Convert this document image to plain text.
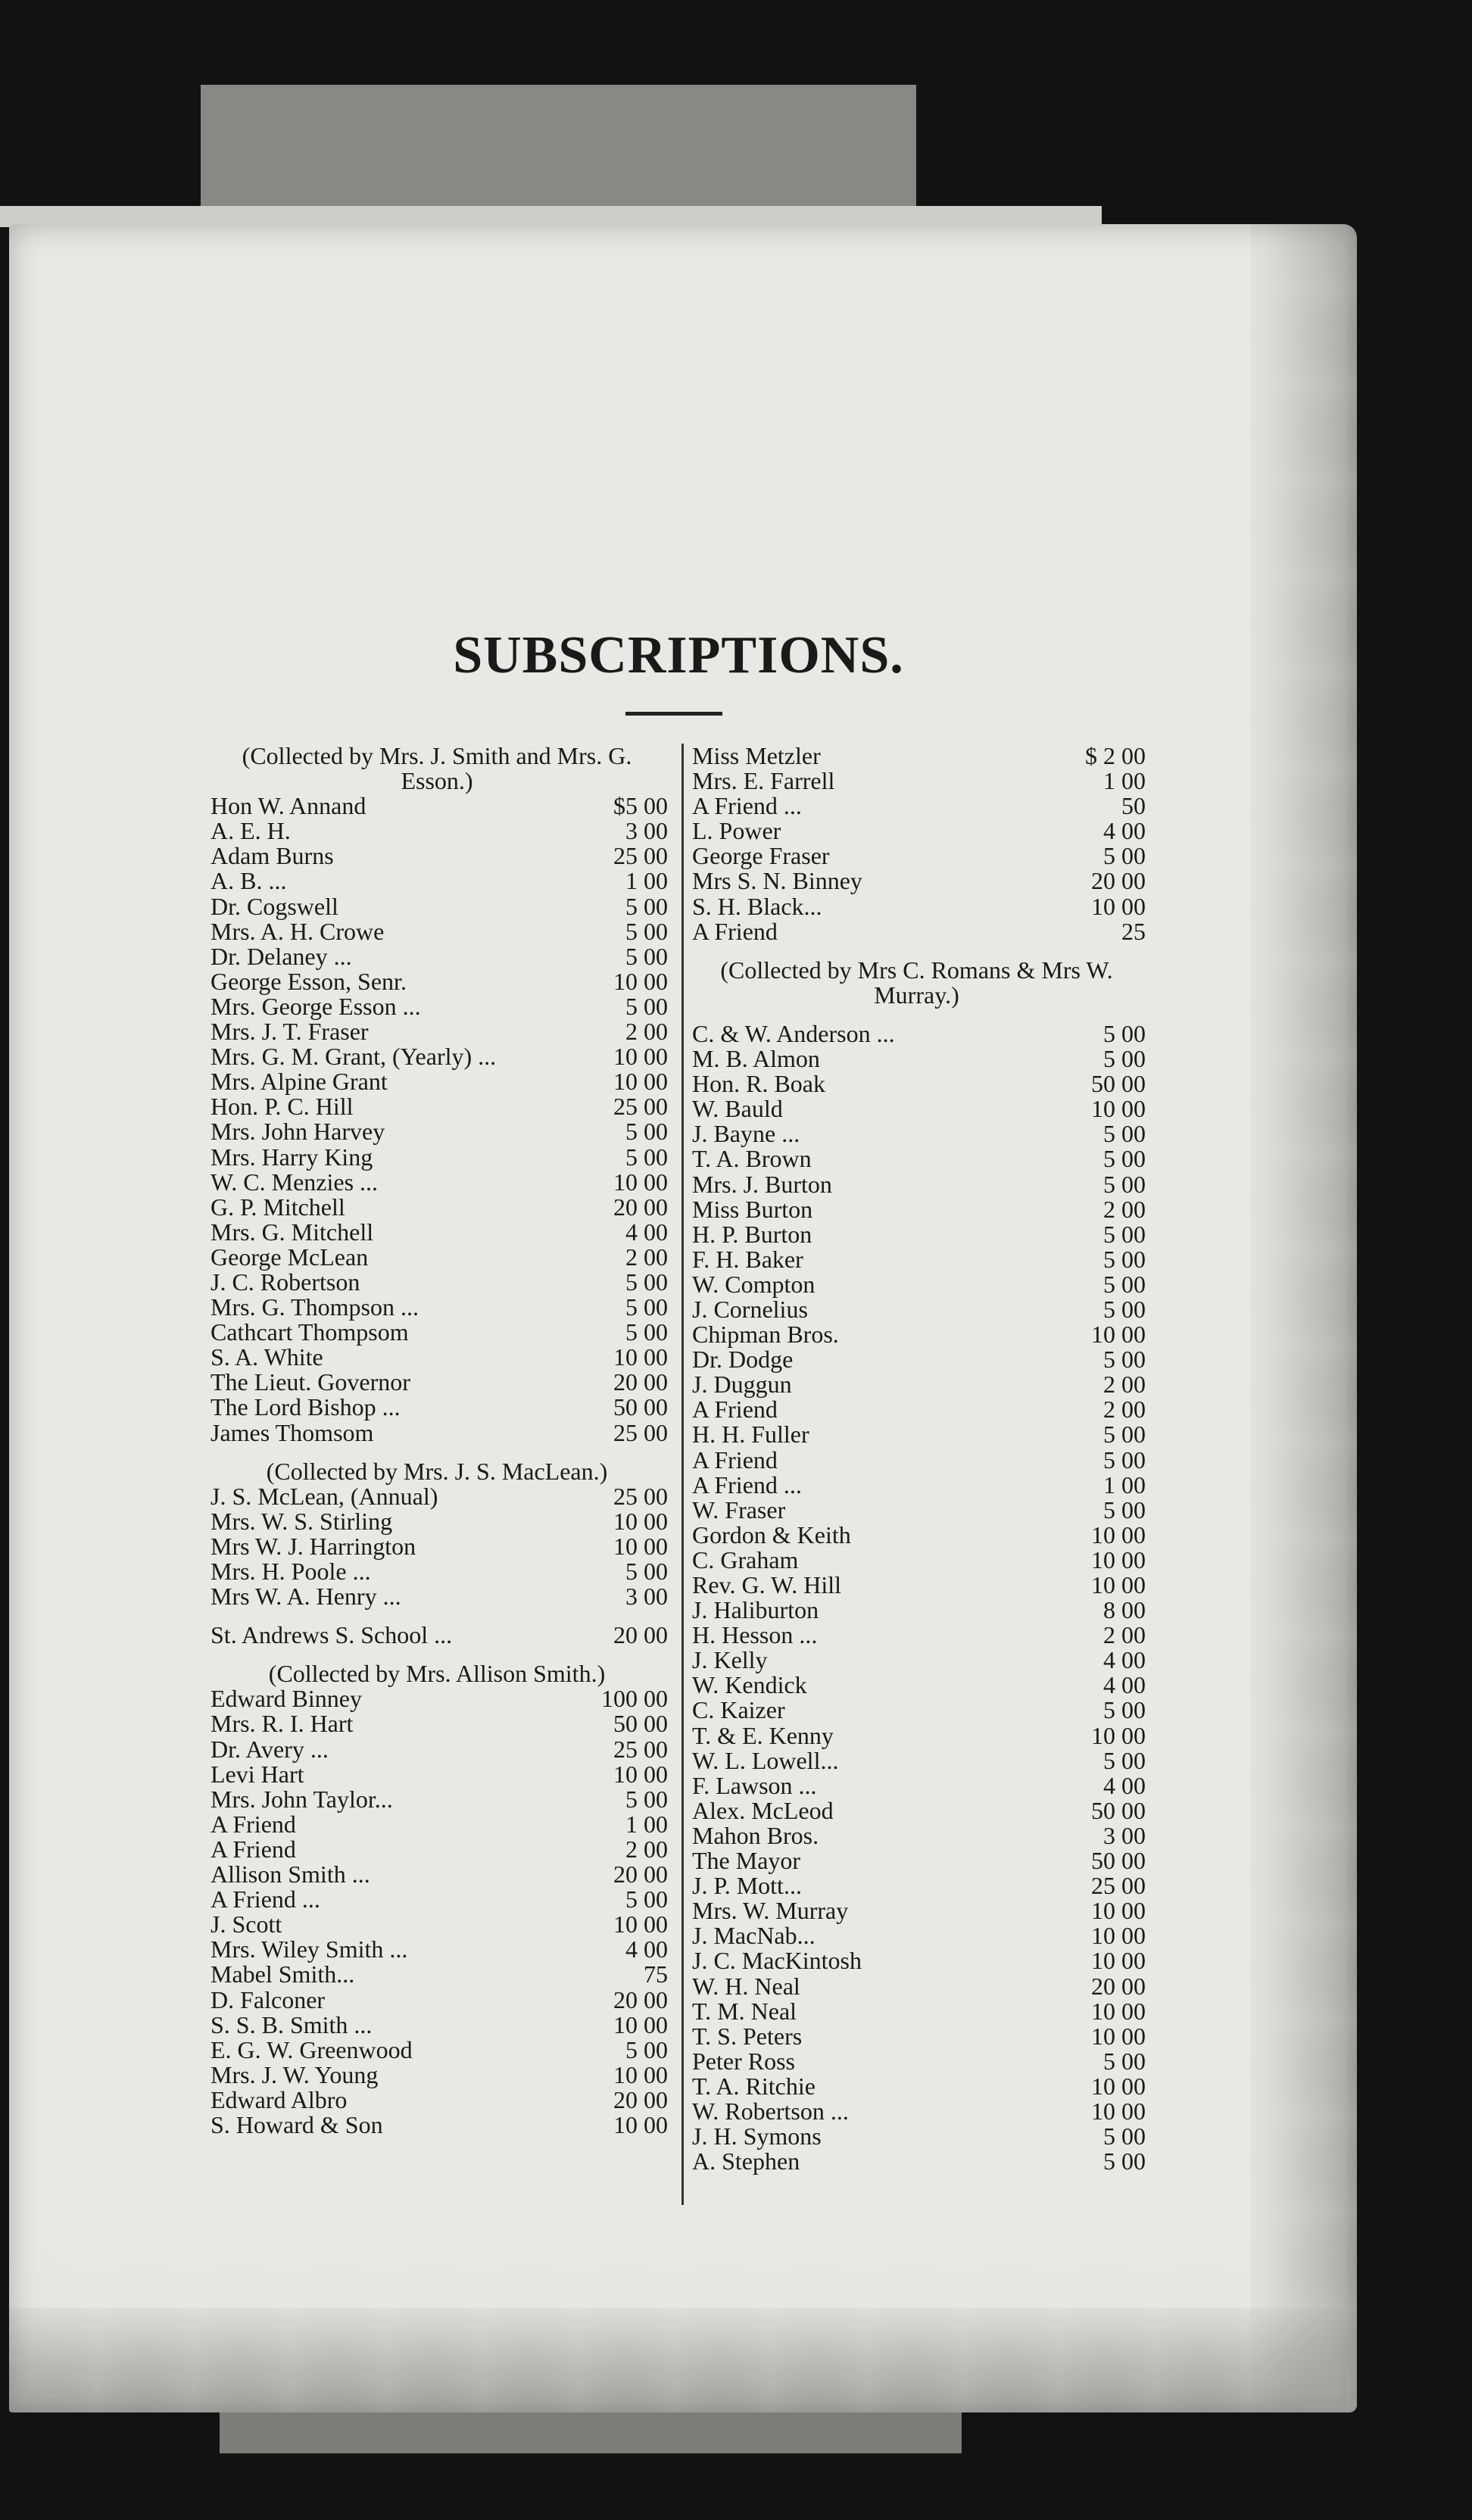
SUBSCRIPTIONS.
(Collected by Mrs. J. Smith and Mrs. G. Esson.)
Hon W. Annand	$5 00
A. E. H.	3 00
Adam Burns	25 00
A. B. ...	1 00
Dr. Cogswell	5 00
Mrs. A. H. Crowe	5 00
Dr. Delaney ...	5 00
George Esson, Senr.	10 00
Mrs. George Esson ...	5 00
Mrs. J. T. Fraser	2 00
Mrs. G. M. Grant, (Yearly) ...	10 00
Mrs. Alpine Grant	10 00
Hon. P. C. Hill	25 00
Mrs. John Harvey	5 00
Mrs. Harry King	5 00
W. C. Menzies ...	10 00
G. P. Mitchell	20 00
Mrs. G. Mitchell	4 00
George McLean	2 00
J. C. Robertson	5 00
Mrs. G. Thompson ...	5 00
Cathcart Thompsom	5 00
S. A. White	10 00
The Lieut. Governor	20 00
The Lord Bishop ...	50 00
James Thomsom	25 00
(Collected by Mrs. J. S. MacLean.)
J. S. McLean, (Annual)	25 00
Mrs. W. S. Stirling	10 00
Mrs W. J. Harrington	10 00
Mrs. H. Poole ...	5 00
Mrs W. A. Henry ...	3 00
St. Andrews S. School ...	20 00
(Collected by Mrs. Allison Smith.)
Edward Binney	100 00
Mrs. R. I. Hart	50 00
Dr. Avery ...	25 00
Levi Hart	10 00
Mrs. John Taylor...	5 00
A Friend	1 00
A Friend	2 00
Allison Smith ...	20 00
A Friend ...	5 00
J. Scott	10 00
Mrs. Wiley Smith ...	4 00
Mabel Smith...	75
D. Falconer	20 00
S. S. B. Smith ...	10 00
E. G. W. Greenwood	5 00
Mrs. J. W. Young	10 00
Edward Albro	20 00
S. Howard & Son	10 00
Miss Metzler	$ 2 00
Mrs. E. Farrell	1 00
A Friend ...	50
L. Power	4 00
George Fraser	5 00
Mrs S. N. Binney	20 00
S. H. Black...	10 00
A Friend	25
(Collected by Mrs C. Romans & Mrs W. Murray.)
C. & W. Anderson ...	5 00
M. B. Almon	5 00
Hon. R. Boak	50 00
W. Bauld	10 00
J. Bayne ...	5 00
T. A. Brown	5 00
Mrs. J. Burton	5 00
Miss Burton	2 00
H. P. Burton	5 00
F. H. Baker	5 00
W. Compton	5 00
J. Cornelius	5 00
Chipman Bros.	10 00
Dr. Dodge	5 00
J. Duggun	2 00
A Friend	2 00
H. H. Fuller	5 00
A Friend	5 00
A Friend ...	1 00
W. Fraser	5 00
Gordon & Keith	10 00
C. Graham	10 00
Rev. G. W. Hill	10 00
J. Haliburton	8 00
H. Hesson ...	2 00
J. Kelly	4 00
W. Kendick	4 00
C. Kaizer	5 00
T. & E. Kenny	10 00
W. L. Lowell...	5 00
F. Lawson ...	4 00
Alex. McLeod	50 00
Mahon Bros.	3 00
The Mayor	50 00
J. P. Mott...	25 00
Mrs. W. Murray	10 00
J. MacNab...	10 00
J. C. MacKintosh	10 00
W. H. Neal	20 00
T. M. Neal	10 00
T. S. Peters	10 00
Peter Ross	5 00
T. A. Ritchie	10 00
W. Robertson ...	10 00
J. H. Symons	5 00
A. Stephen	5 00
